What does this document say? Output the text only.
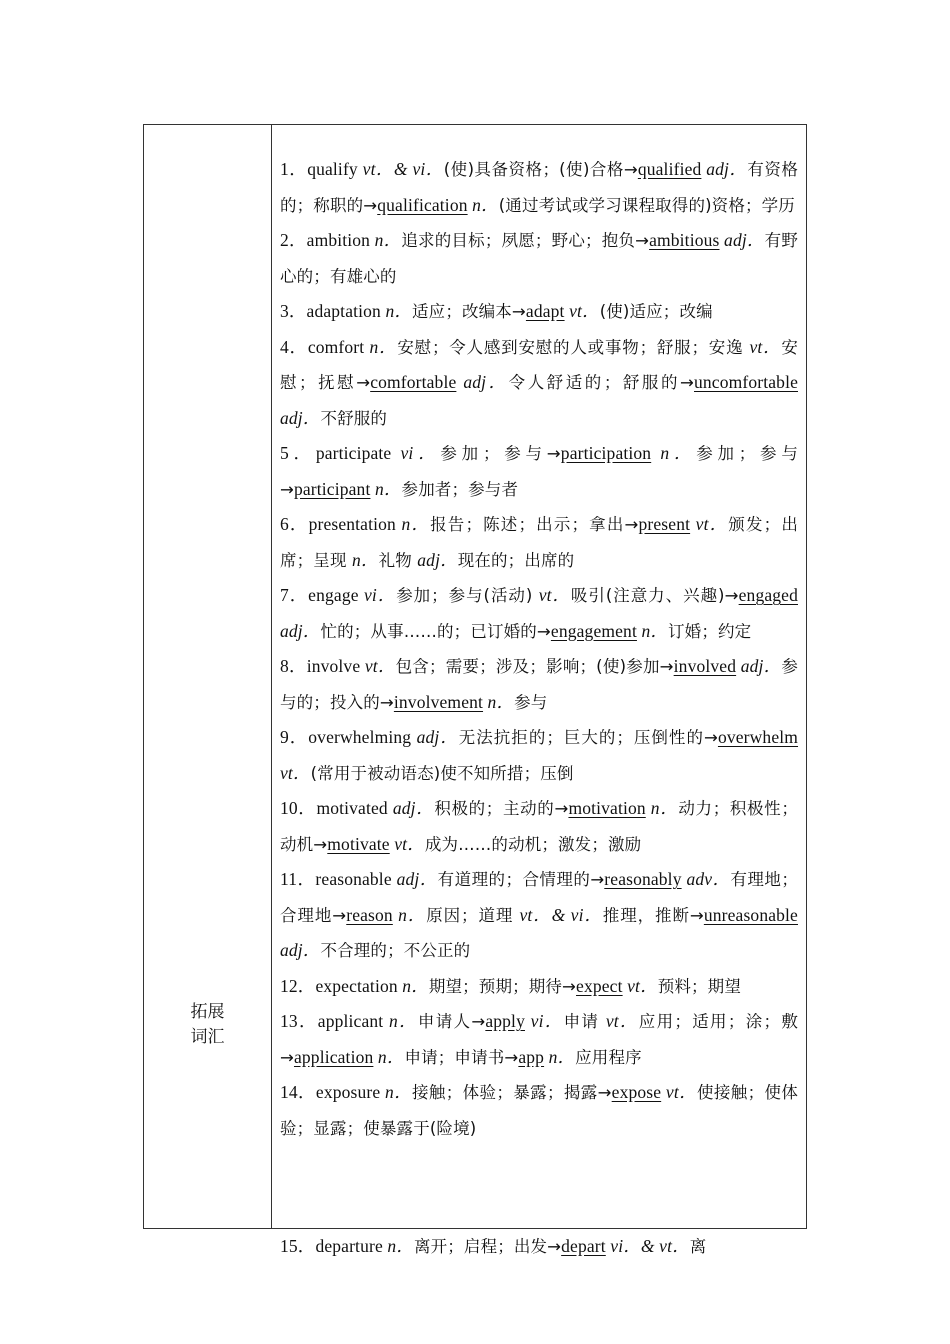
拓展
词汇
1．qualify vt．& vi．(使)具备资格；(使)合格→qualified adj．有资格的；称职的→qualification n．(通过考试或学习课程取得的)资格；学历
2．ambition n．追求的目标；夙愿；野心；抱负→ambitious adj．有野心的；有雄心的
3．adaptation n．适应；改编本→adapt vt．(使)适应；改编
4．comfort n．安慰；令人感到安慰的人或事物；舒服；安逸 vt．安慰；抚慰→comfortable adj．令人舒适的；舒服的→uncomfortable adj．不舒服的
5．participate vi．参加；参与→participation n．参加；参与→participant n．参加者；参与者
6．presentation n．报告；陈述；出示；拿出→present vt．颁发；出席；呈现 n．礼物 adj．现在的；出席的
7．engage vi．参加；参与(活动) vt．吸引(注意力、兴趣)→engaged adj．忙的；从事……的；已订婚的→engagement n．订婚；约定
8．involve vt．包含；需要；涉及；影响；(使)参加→involved adj．参与的；投入的→involvement n．参与
9．overwhelming adj．无法抗拒的；巨大的；压倒性的→overwhelm vt．(常用于被动语态)使不知所措；压倒
10．motivated adj．积极的；主动的→motivation n．动力；积极性；动机→motivate vt．成为……的动机；激发；激励
11．reasonable adj．有道理的；合情理的→reasonably adv．有理地；合理地→reason n．原因；道理 vt．& vi．推理，推断→unreasonable adj．不合理的；不公正的
12．expectation n．期望；预期；期待→expect vt．预料；期望
13．applicant n．申请人→apply vi．申请 vt．应用；适用；涂；敷→application n．申请；申请书→app n．应用程序
14．exposure n．接触；体验；暴露；揭露→expose vt．使接触；使体验；显露；使暴露于(险境)
15．departure n．离开；启程；出发→depart vi．& vt．离
